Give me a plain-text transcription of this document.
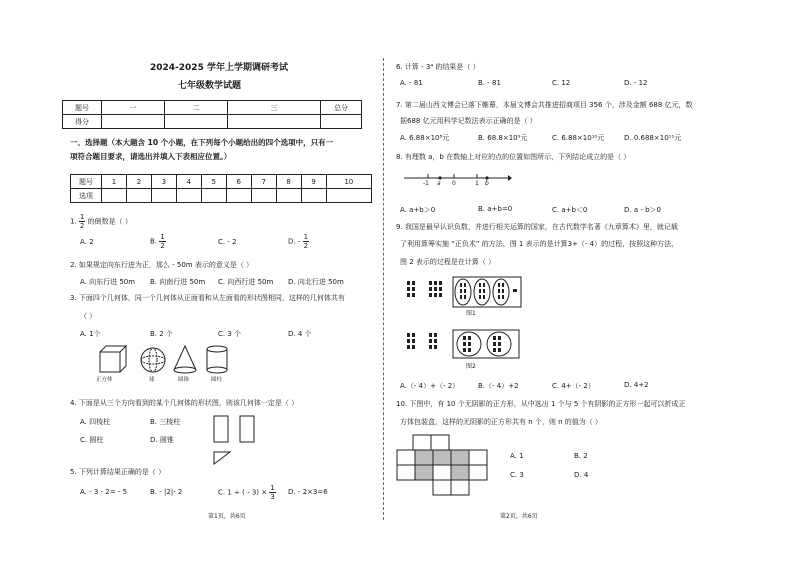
2024-2025 学年上学期调研考试
七年级数学试题
题号	一	二	三	总分
得分				
一、选择题（本大题含 10 个小题，在下列每个小题给出的四个选项中，只有一
项符合题目要求，请选出并填入下表相应位置。）
题号	1	2	3	4	5	6	7	8	9	10
选项										
1. $\frac{1}{2}$ 的倒数是（ ）
A. 2	B. $\frac{1}{2}$	C. - 2	D. - $\frac{1}{2}$
2. 如果规定向东行进为正，那么 - 50m 表示的意义是（ ）
A. 向东行进 50m B. 向南行进 50m C. 向西行进 50m D. 向北行进 50m
3. 下面四个几何体，同一个几何体从正面看和从左面看的形状图相同，这样的几何体共有
（ ）
A. 1个	B. 2 个	C. 3 个	D. 4 个
正方体	球	圆锥	圆柱
4. 下面是从三个方向看到的某个几何体的形状图，则该几何体一定是（ ）
A. 四棱柱	B. 三棱柱
C. 圆柱	D. 圆锥
5. 下列计算结果正确的是（ ）
A. - 3 - 2= - 5	B. - |2|- 2	C. 1 ÷ ( - $3) \times \frac{1}{3} D$. - 2×3=6
第1页，共6页
6. 计算 - 3⁴ 的结果是（ ）
A. - 81	B. - 81	C. 12	D. - 12
7. 第二届山西文博会已落下帷幕，本届文博会共推进招商项目 356 个，涉及金额 688 亿元，数
据688 亿元用科学记数法表示正确的是（ ）
A. 6.88×10⁸元	B. 68.8×10⁹元	C. 6.88×10¹⁰元	D. 0.688×10¹¹元
8. 有理数 a，b 在数轴上对应的点的位置如图所示，下列结论成立的是（ ）
-1 a 0	1 b
A. a+b＞0	B. a+b=0	C. a+b＜0	D. a - b＞0
9. 我国是最早认识负数，并进行相关运算的国家，在古代数学名著《九章算术》里，就记载
了利用算筹实施 “正负术” 的方法，图 1 表示的是计算3+（- 4）的过程，按照这种方法，
图 2 表示的过程是在计算（ ）
图1
图2
A.（- 4）+（- 2）	B.（- 4）+2	C. 4+（- 2）	D. 4+2
10. 下图中，有 10 个无阴影的正方形，从中选出 1 个与 5 个有阴影的正方形一起可以折成正
方体包装盒，这样的无阴影的正方形共有 n 个，则 n 的值为（ ）
A. 1	B. 2
C. 3	D. 4
第2页，共6页
